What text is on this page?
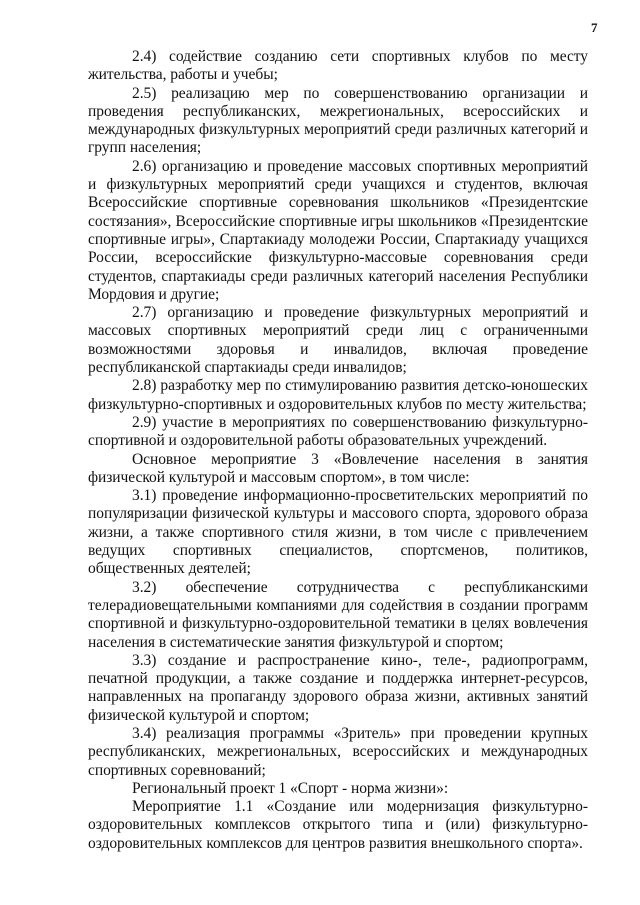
7

2.4) содействие созданию сети спортивных клубов по месту жительства, работы и учебы;

2.5) реализацию мер по совершенствованию организации и проведения республиканских, межрегиональных, всероссийских и международных физкультурных мероприятий среди различных категорий и групп населения;

2.6) организацию и проведение массовых спортивных мероприятий и физкультурных мероприятий среди учащихся и студентов, включая Всероссийские спортивные соревнования школьников «Президентские состязания», Всероссийские спортивные игры школьников «Президентские спортивные игры», Спартакиаду молодежи России, Спартакиаду учащихся России, всероссийские физкультурно-массовые соревнования среди студентов, спартакиады среди различных категорий населения Республики Мордовия и другие;

2.7) организацию и проведение физкультурных мероприятий и массовых спортивных мероприятий среди лиц с ограниченными возможностями здоровья и инвалидов, включая проведение республиканской спартакиады среди инвалидов;

2.8) разработку мер по стимулированию развития детско-юношеских физкультурно-спортивных и оздоровительных клубов по месту жительства;

2.9) участие в мероприятиях по совершенствованию физкультурно-спортивной и оздоровительной работы образовательных учреждений.

Основное мероприятие 3 «Вовлечение населения в занятия физической культурой и массовым спортом», в том числе:

3.1) проведение информационно-просветительских мероприятий по популяризации физической культуры и массового спорта, здорового образа жизни, а также спортивного стиля жизни, в том числе с привлечением ведущих спортивных специалистов, спортсменов, политиков, общественных деятелей;

3.2) обеспечение сотрудничества с республиканскими телерадиовещательными компаниями для содействия в создании программ спортивной и физкультурно-оздоровительной тематики в целях вовлечения населения в систематические занятия физкультурой и спортом;

3.3) создание и распространение кино-, теле-, радиопрограмм, печатной продукции, а также создание и поддержка интернет-ресурсов, направленных на пропаганду здорового образа жизни, активных занятий физической культурой и спортом;

3.4) реализация программы «Зритель» при проведении крупных республиканских, межрегиональных, всероссийских и международных спортивных соревнований;

Региональный проект 1 «Спорт - норма жизни»:

Мероприятие 1.1 «Создание или модернизация физкультурно-оздоровительных комплексов открытого типа и (или) физкультурно-оздоровительных комплексов для центров развития внешкольного спорта».
